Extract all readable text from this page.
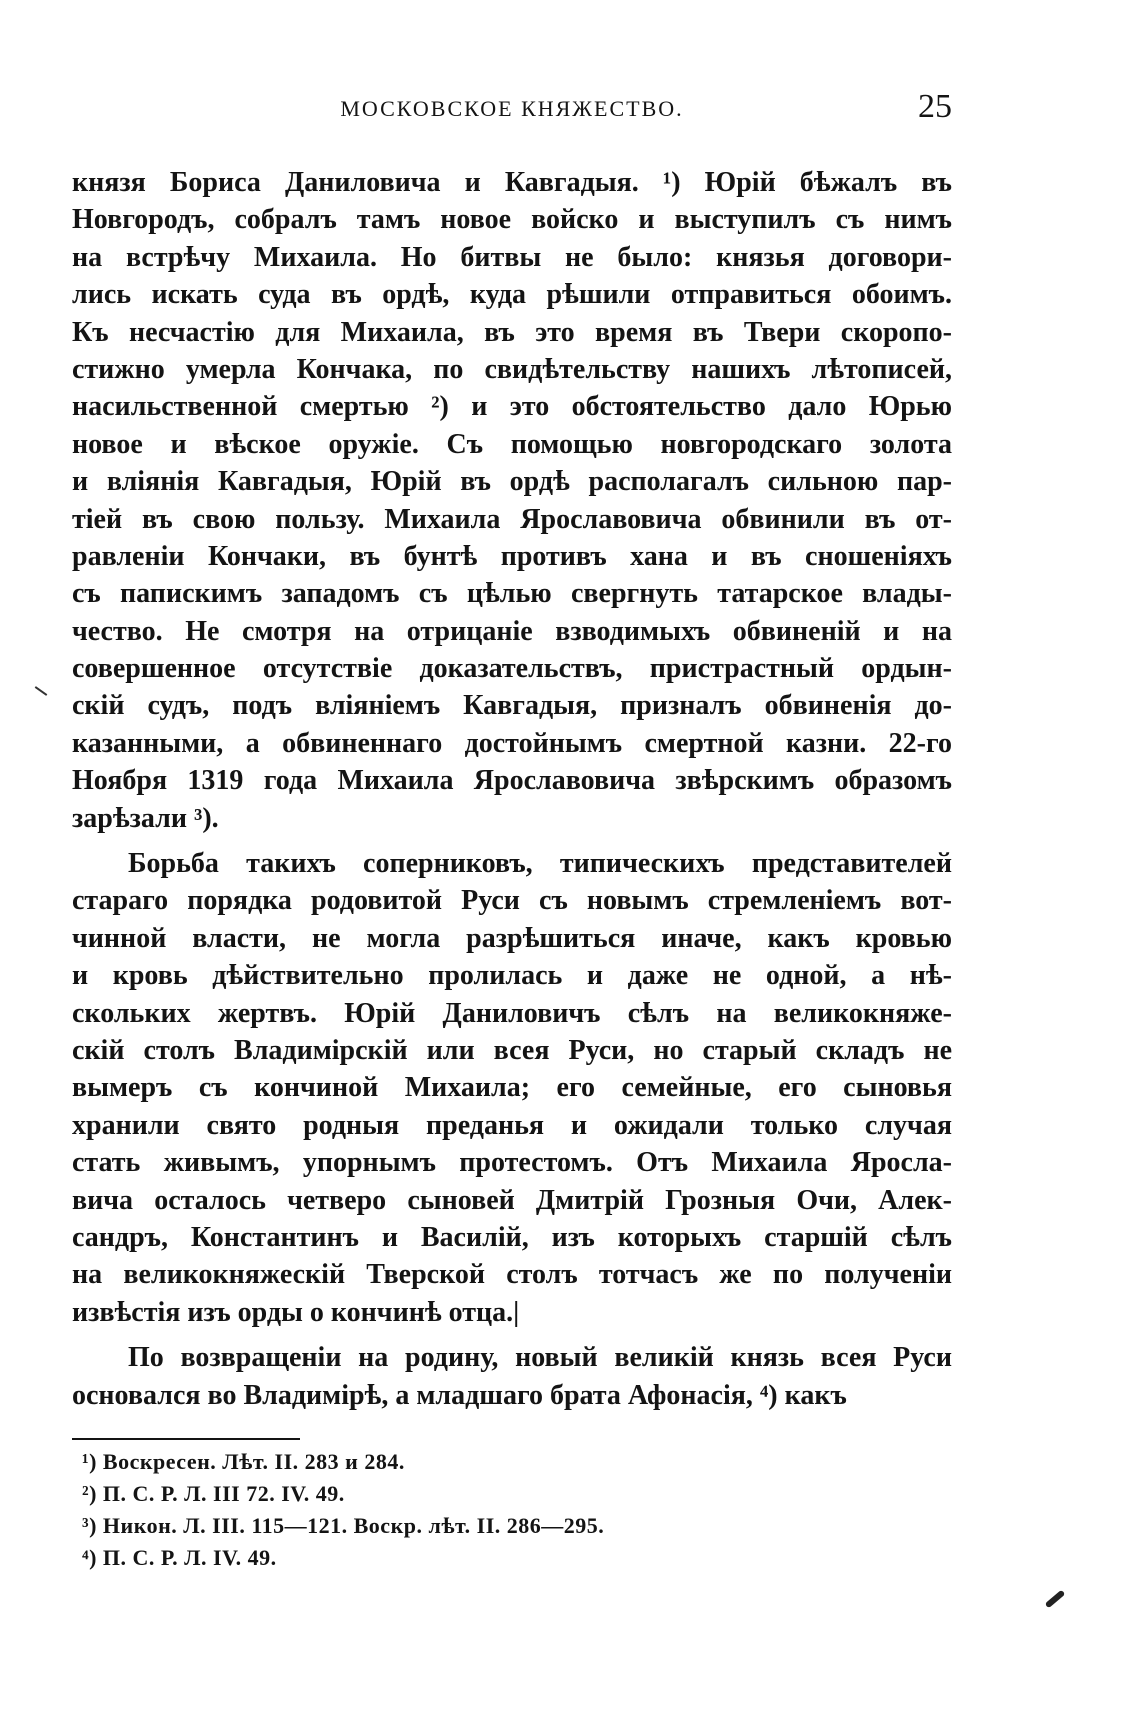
МОСКОВСКОЕ КНЯЖЕСТВО.	25
князя Бориса Даниловича и Кавгадыя. ¹) Юрій бѣжалъ въ
Новгородъ, собралъ тамъ новое войско и выступилъ съ нимъ
на встрѣчу Михаила. Но битвы не было: князья договори-
лись искать суда въ ордѣ, куда рѣшили отправиться обоимъ.
Къ несчастію для Михаила, въ это время въ Твери скоропо-
стижно умерла Кончака, по свидѣтельству нашихъ лѣтописей,
насильственной смертью ²) и это обстоятельство дало Юрью
новое и вѣское оружіе. Съ помощью новгородскаго золота
и вліянія Кавгадыя, Юрій въ ордѣ располагалъ сильною пар-
тіей въ свою пользу. Михаила Ярославовича обвинили въ от-
равленіи Кончаки, въ бунтѣ противъ хана и въ сношеніяхъ
съ папискимъ западомъ съ цѣлью свергнуть татарское влады-
чество. Не смотря на отрицаніе взводимыхъ обвиненій и на
совершенное отсутствіе доказательствъ, пристрастный ордын-
скій судъ, подъ вліяніемъ Кавгадыя, призналъ обвиненія до-
казанными, а обвиненнаго достойнымъ смертной казни. 22-го
Ноября 1319 года Михаила Ярославовича звѣрскимъ образомъ
зарѣзали ³).
Борьба такихъ соперниковъ, типическихъ представителей
стараго порядка родовитой Руси съ новымъ стремленіемъ вот-
чинной власти, не могла разрѣшиться иначе, какъ кровью
и кровь дѣйствительно пролилась и даже не одной, а нѣ-
скольких жертвъ. Юрій Даниловичъ сѣлъ на великокняже-
скій столъ Владимірскій или всея Руси, но старый складъ не
вымеръ съ кончиной Михаила; его семейные, его сыновья
хранили свято родныя преданья и ожидали только случая
стать живымъ, упорнымъ протестомъ. Отъ Михаила Яросла-
вича осталось четверо сыновей Дмитрій Грозныя Очи, Алек-
сандръ, Константинъ и Василій, изъ которыхъ старшій сѣлъ
на великокняжескій Тверской столъ тотчасъ же по полученіи
извѣстія изъ орды о кончинѣ отца.|
По возвращеніи на родину, новый великій князь всея Руси
основался во Владимірѣ, а младшаго брата Афонасія, ⁴) какъ
¹) Воскресен. Лѣт. II. 283 и 284.
²) П. С. Р. Л. III 72. IV. 49.
³) Никон. Л. III. 115—121. Воскр. лѣт. II. 286—295.
⁴) П. С. Р. Л. IV. 49.
